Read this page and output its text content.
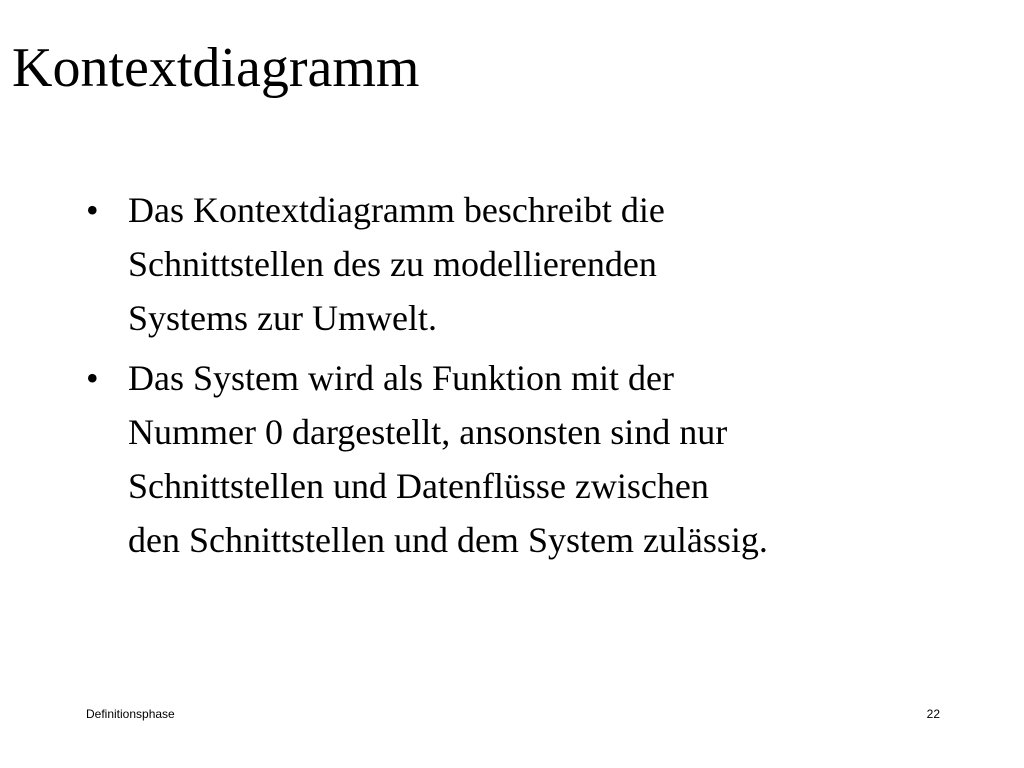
Kontextdiagramm
• Das Kontextdiagramm beschreibt die
Schnittstellen des zu modellierenden
Systems zur Umwelt.
• Das System wird als Funktion mit der
Nummer 0 dargestellt, ansonsten sind nur
Schnittstellen und Datenflüsse zwischen
den Schnittstellen und dem System zulässig.
Definitionsphase	22
